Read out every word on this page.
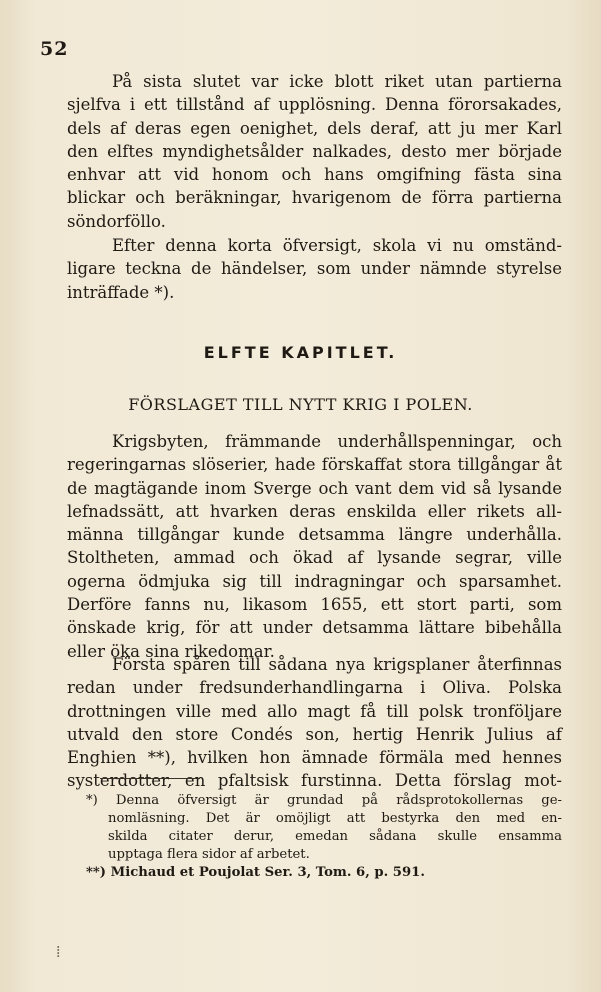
52
På sista slutet var icke blott riket utan partierna
sjelfva i ett tillstånd af upplösning. Denna förorsakades,
dels af deras egen oenighet, dels deraf, att ju mer Karl
den elftes myndighetsålder nalkades, desto mer började
enhvar att vid honom och hans omgifning fästa sina
blickar och beräkningar, hvarigenom de förra partierna
söndorföllo.
Efter denna korta öfversigt, skola vi nu omständ-
ligare teckna de händelser, som under nämnde styrelse
inträffade *).
ELFTE KAPITLET.
FÖRSLAGET TILL NYTT KRIG I POLEN.
Krigsbyten, främmande underhållspenningar, och
regeringarnas slöserier, hade förskaffat stora tillgångar åt
de magtägande inom Sverge och vant dem vid så lysande
lefnadssätt, att hvarken deras enskilda eller rikets all-
männa tillgångar kunde detsamma längre underhålla.
Stoltheten, ammad och ökad af lysande segrar, ville
ogerna ödmjuka sig till indragningar och sparsamhet.
Derföre fanns nu, likasom 1655, ett stort parti, som
önskade krig, för att under detsamma lättare bibehålla
eller öka sina rikedomar.
Första spåren till sådana nya krigsplaner återfinnas
redan under fredsunderhandlingarna i Oliva. Polska
drottningen ville med allo magt få till polsk tronföljare
utvald den store Condés son, hertig Henrik Julius af
Enghien **), hvilken hon ämnade förmäla med hennes
systerdotter, en pfaltsisk furstinna. Detta förslag mot-
*) Denna öfversigt är grundad på rådsprotokollernas ge-
nomläsning. Det är omöjligt att bestyrka den med en-
skilda citater derur, emedan sådana skulle ensamma
upptaga flera sidor af arbetet.
**) Michaud et Poujolat Ser. 3, Tom. 6, p. 591.
⁞
